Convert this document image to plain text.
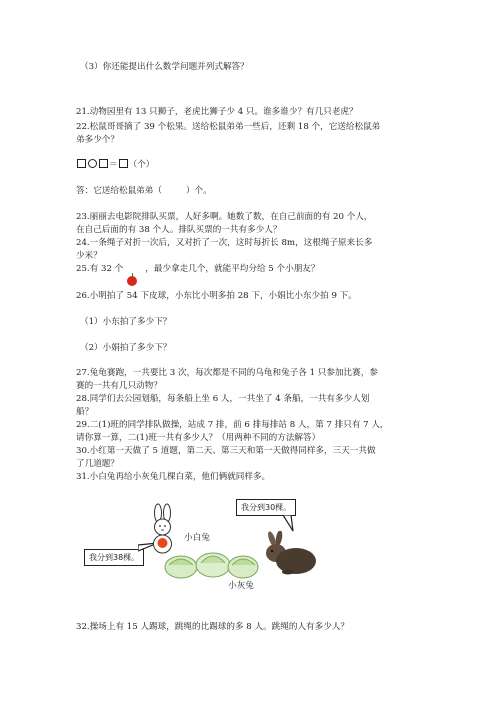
（3）你还能提出什么数学问题并列式解答？
21.动物园里有 13 只狮子，老虎比狮子少 4 只。谁多谁少？有几只老虎？
22.松鼠哥哥摘了 39 个松果。送给松鼠弟弟一些后，还剩 18 个，它送给松鼠弟
弟多少个？
＝ （个）
答：它送给松鼠弟弟（	）个。
23.丽丽去电影院排队买票，人好多啊。她数了数，在自己前面的有 20 个人，
在自己后面的有 38 个人。排队买票的一共有多少人？
24.一条绳子对折一次后，又对折了一次，这时每折长 8m，这根绳子原来长多
少米？
25.有 32 个	，最少拿走几个，就能平均分给 5 个小朋友？
26.小明拍了 54 下皮球，小东比小明多拍 28 下，小娟比小东少拍 9 下。
（1）小东拍了多少下？
（2）小娟拍了多少下？
27.兔龟赛跑，一共要比 3 次，每次都是不同的乌龟和兔子各 1 只参加比赛，参
赛的一共有几只动物？
28.同学们去公园划船，每条船上坐 6 人，一共坐了 4 条船，一共有多少人划
船？
29.二(1)班的同学排队做操，站成 7 排，前 6 排每排站 8 人，第 7 排只有 7 人，
请你算一算，二(1)班一共有多少人？（用两种不同的方法解答）
30.小红第一天做了 5 道题，第二天、第三天和第一天做得同样多，三天一共做
了几道题？
31.小白兔再给小灰兔几棵白菜，他们俩就同样多。
我分到30棵。
我分到38棵。
小白兔
小灰兔
32.操场上有 15 人踢球，跳绳的比踢球的多 8 人。跳绳的人有多少人？
